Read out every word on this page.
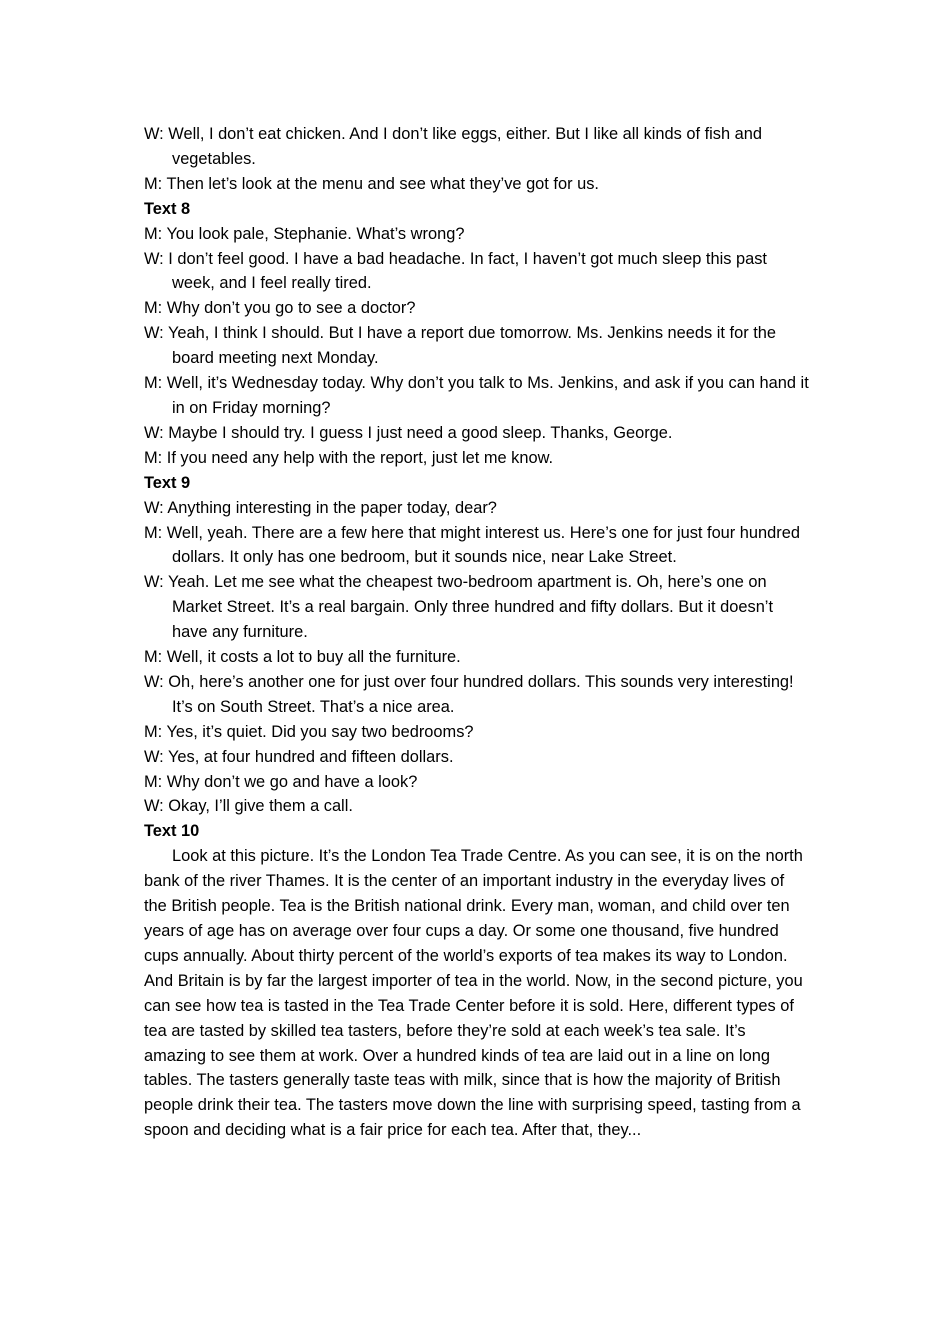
W: Well, I don’t eat chicken. And I don’t like eggs, either. But I like all kinds of fish and vegetables.

M: Then let’s look at the menu and see what they’ve got for us.

Text 8

M: You look pale, Stephanie. What’s wrong?

W: I don’t feel good. I have a bad headache. In fact, I haven’t got much sleep this past week, and I feel really tired.

M: Why don’t you go to see a doctor?

W: Yeah, I think I should. But I have a report due tomorrow. Ms. Jenkins needs it for the board meeting next Monday.

M: Well, it’s Wednesday today. Why don’t you talk to Ms. Jenkins, and ask if you can hand it in on Friday morning?

W: Maybe I should try. I guess I just need a good sleep. Thanks, George.

M: If you need any help with the report, just let me know.

Text 9

W: Anything interesting in the paper today, dear?

M: Well, yeah. There are a few here that might interest us. Here’s one for just four hundred dollars. It only has one bedroom, but it sounds nice, near Lake Street.

W: Yeah. Let me see what the cheapest two-bedroom apartment is. Oh, here’s one on Market Street. It’s a real bargain. Only three hundred and fifty dollars. But it doesn’t have any furniture.

M: Well, it costs a lot to buy all the furniture.

W: Oh, here’s another one for just over four hundred dollars. This sounds very interesting! It’s on South Street. That’s a nice area.

M: Yes, it’s quiet. Did you say two bedrooms?

W: Yes, at four hundred and fifteen dollars.

M: Why don’t we go and have a look?

W: Okay, I’ll give them a call.

Text 10

Look at this picture. It’s the London Tea Trade Centre. As you can see, it is on the north bank of the river Thames. It is the center of an important industry in the everyday lives of the British people. Tea is the British national drink. Every man, woman, and child over ten years of age has on average over four cups a day. Or some one thousand, five hundred cups annually. About thirty percent of the world’s exports of tea makes its way to London. And Britain is by far the largest importer of tea in the world. Now, in the second picture, you can see how tea is tasted in the Tea Trade Center before it is sold. Here, different types of tea are tasted by skilled tea tasters, before they’re sold at each week’s tea sale. It’s amazing to see them at work. Over a hundred kinds of tea are laid out in a line on long tables. The tasters generally taste teas with milk, since that is how the majority of British people drink their tea. The tasters move down the line with surprising speed, tasting from a spoon and deciding what is a fair price for each tea. After that, they...
